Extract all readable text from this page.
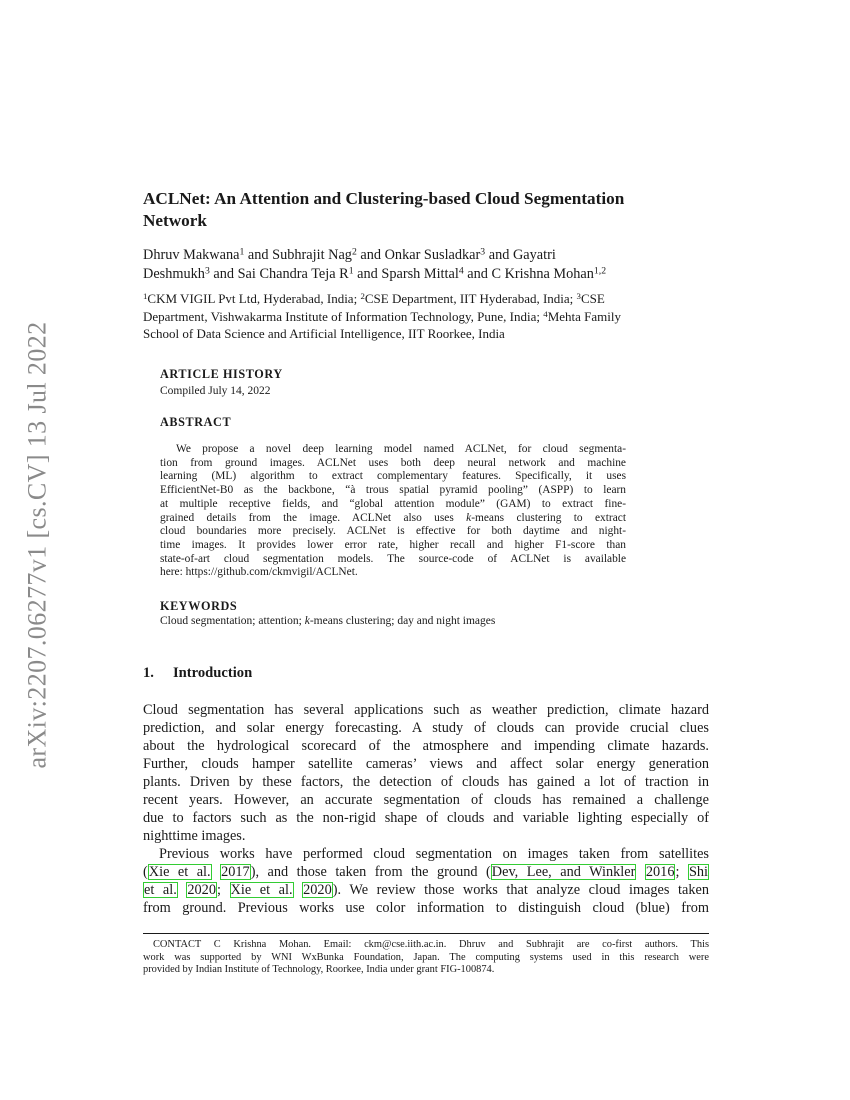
arXiv:2207.06277v1 [cs.CV] 13 Jul 2022
ACLNet: An Attention and Clustering-based Cloud Segmentation
Network
Dhruv Makwana$^1$ and Subhrajit Nag$^2$ and Onkar Susladkar$^3$ and Gayatri
Deshmukh$^3$ and Sai Chandra Teja $R^1$ and Sparsh Mittal$^4$ and C Krishna Mohan$^{1,2}$
$^1$CKM VIGIL Pvt Ltd, Hyderabad, India; $^2$CSE Department, IIT Hyderabad, India; $^3$CSE
Department, Vishwakarma Institute of Information Technology, Pune, India; $^4$Mehta Family
School of Data Science and Artificial Intelligence, IIT Roorkee, India
ARTICLE HISTORY
Compiled July 14, 2022
ABSTRACT
We propose a novel deep learning model named ACLNet, for cloud segmenta-
tion from ground images. ACLNet uses both deep neural network and machine
learning (ML) algorithm to extract complementary features. Specifically, it uses
EfficientNet-B0 as the backbone, “à trous spatial pyramid pooling” (ASPP) to learn
at multiple receptive fields, and “global attention module” (GAM) to extract fine-
grained details from the image. ACLNet also uses k-means clustering to extract
cloud boundaries more precisely. ACLNet is effective for both daytime and night-
time images. It provides lower error rate, higher recall and higher F1-score than
state-of-art cloud segmentation models. The source-code of ACLNet is available
here: https://github.com/ckmvigil/ACLNet.
KEYWORDS
Cloud segmentation; attention; k-means clustering; day and night images
1. Introduction
Cloud segmentation has several applications such as weather prediction, climate hazard
prediction, and solar energy forecasting. A study of clouds can provide crucial clues
about the hydrological scorecard of the atmosphere and impending climate hazards.
Further, clouds hamper satellite cameras’ views and affect solar energy generation
plants. Driven by these factors, the detection of clouds has gained a lot of traction in
recent years. However, an accurate segmentation of clouds has remained a challenge
due to factors such as the non-rigid shape of clouds and variable lighting especially of
nighttime images.
Previous works have performed cloud segmentation on images taken from satellites
(Xie et al. 2017), and those taken from the ground (Dev, Lee, and Winkler 2016; Shi
et al. 2020; Xie et al. 2020). We review those works that analyze cloud images taken
from ground. Previous works use color information to distinguish cloud (blue) from
CONTACT C Krishna Mohan. Email: ckm@cse.iith.ac.in. Dhruv and Subhrajit are co-first authors. This
work was supported by WNI WxBunka Foundation, Japan. The computing systems used in this research were
provided by Indian Institute of Technology, Roorkee, India under grant FIG-100874.
